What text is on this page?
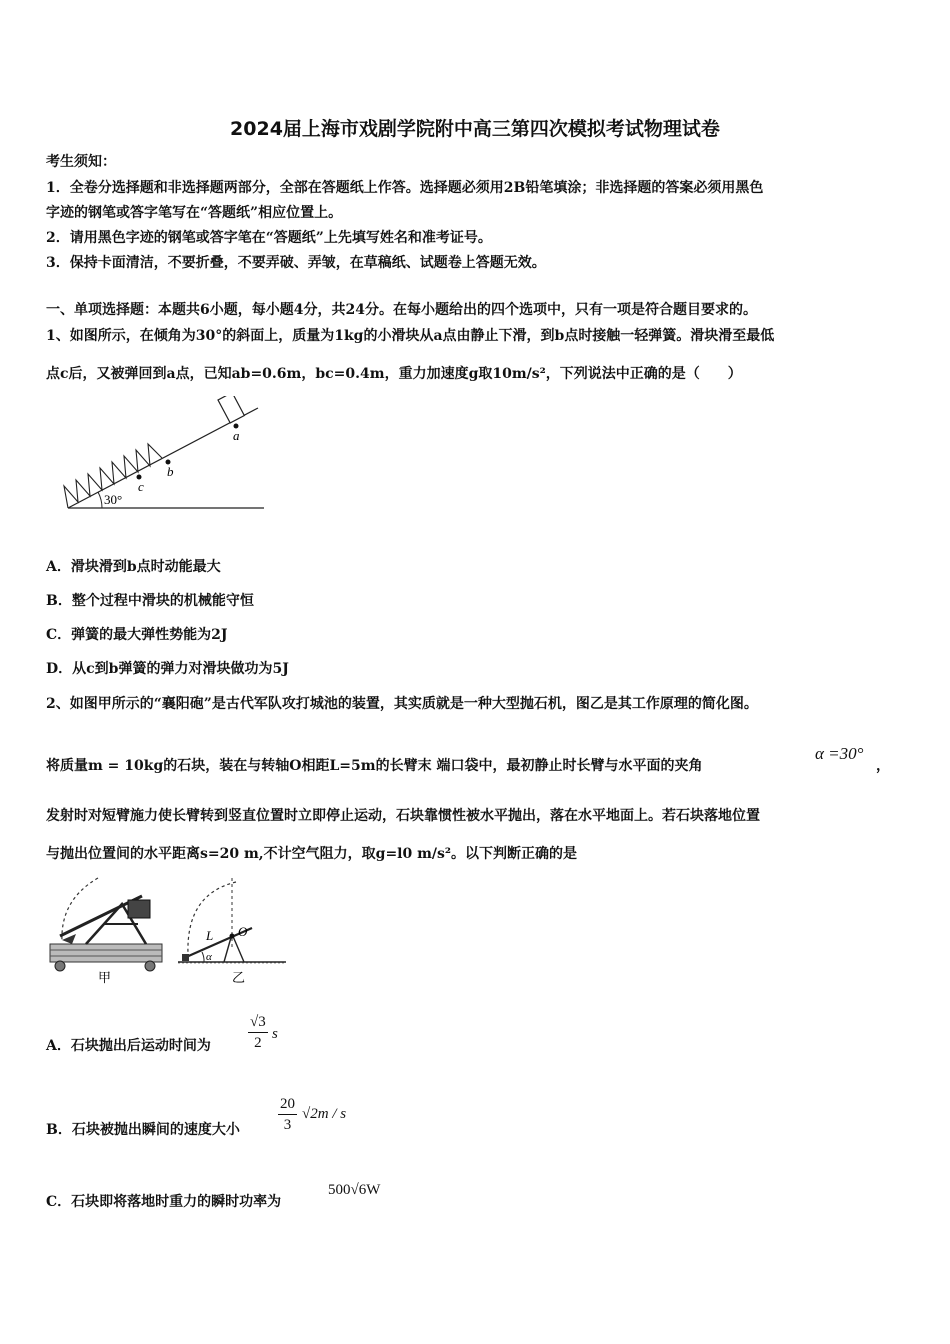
2024届上海市戏剧学院附中高三第四次模拟考试物理试卷
考生须知：
1．全卷分选择题和非选择题两部分，全部在答题纸上作答。选择题必须用2B铅笔填涂；非选择题的答案必须用黑色
字迹的钢笔或答字笔写在“答题纸”相应位置上。
2．请用黑色字迹的钢笔或答字笔在“答题纸”上先填写姓名和准考证号。
3．保持卡面清洁，不要折叠，不要弄破、弄皱，在草稿纸、试题卷上答题无效。
一、单项选择题：本题共6小题，每小题4分，共24分。在每小题给出的四个选项中，只有一项是符合题目要求的。
1、如图所示，在倾角为30°的斜面上，质量为1kg的小滑块从a点由静止下滑，到b点时接触一轻弹簧。滑块滑至最低
点c后，又被弹回到a点，已知ab=0.6m，bc=0.4m，重力加速度g取10m/s²，下列说法中正确的是（　　）
c
b
a
30°
A．滑块滑到b点时动能最大
B．整个过程中滑块的机械能守恒
C．弹簧的最大弹性势能为2J
D．从c到b弹簧的弹力对滑块做功为5J
2、如图甲所示的“襄阳砲”是古代军队攻打城池的装置，其实质就是一种大型抛石机，图乙是其工作原理的简化图。
将质量m = 10kg的石块，装在与转轴O相距L=5m的长臂末 端口袋中，最初静止时长臂与水平面的夹角
α =30°
，
发射时对短臂施力使长臂转到竖直位置时立即停止运动，石块靠惯性被水平抛出，落在水平地面上。若石块落地位置
与抛出位置间的水平距离s=20 m,不计空气阻力，取g=l0 m/s²。以下判断正确的是
甲
α
L O
乙
A．石块抛出后运动时间为 $\frac{√3}{2}$ s
B．石块被抛出瞬间的速度大小	$\frac{20}{3} √2m$ / s
C．石块即将落地时重力的瞬时功率为
500√6W
